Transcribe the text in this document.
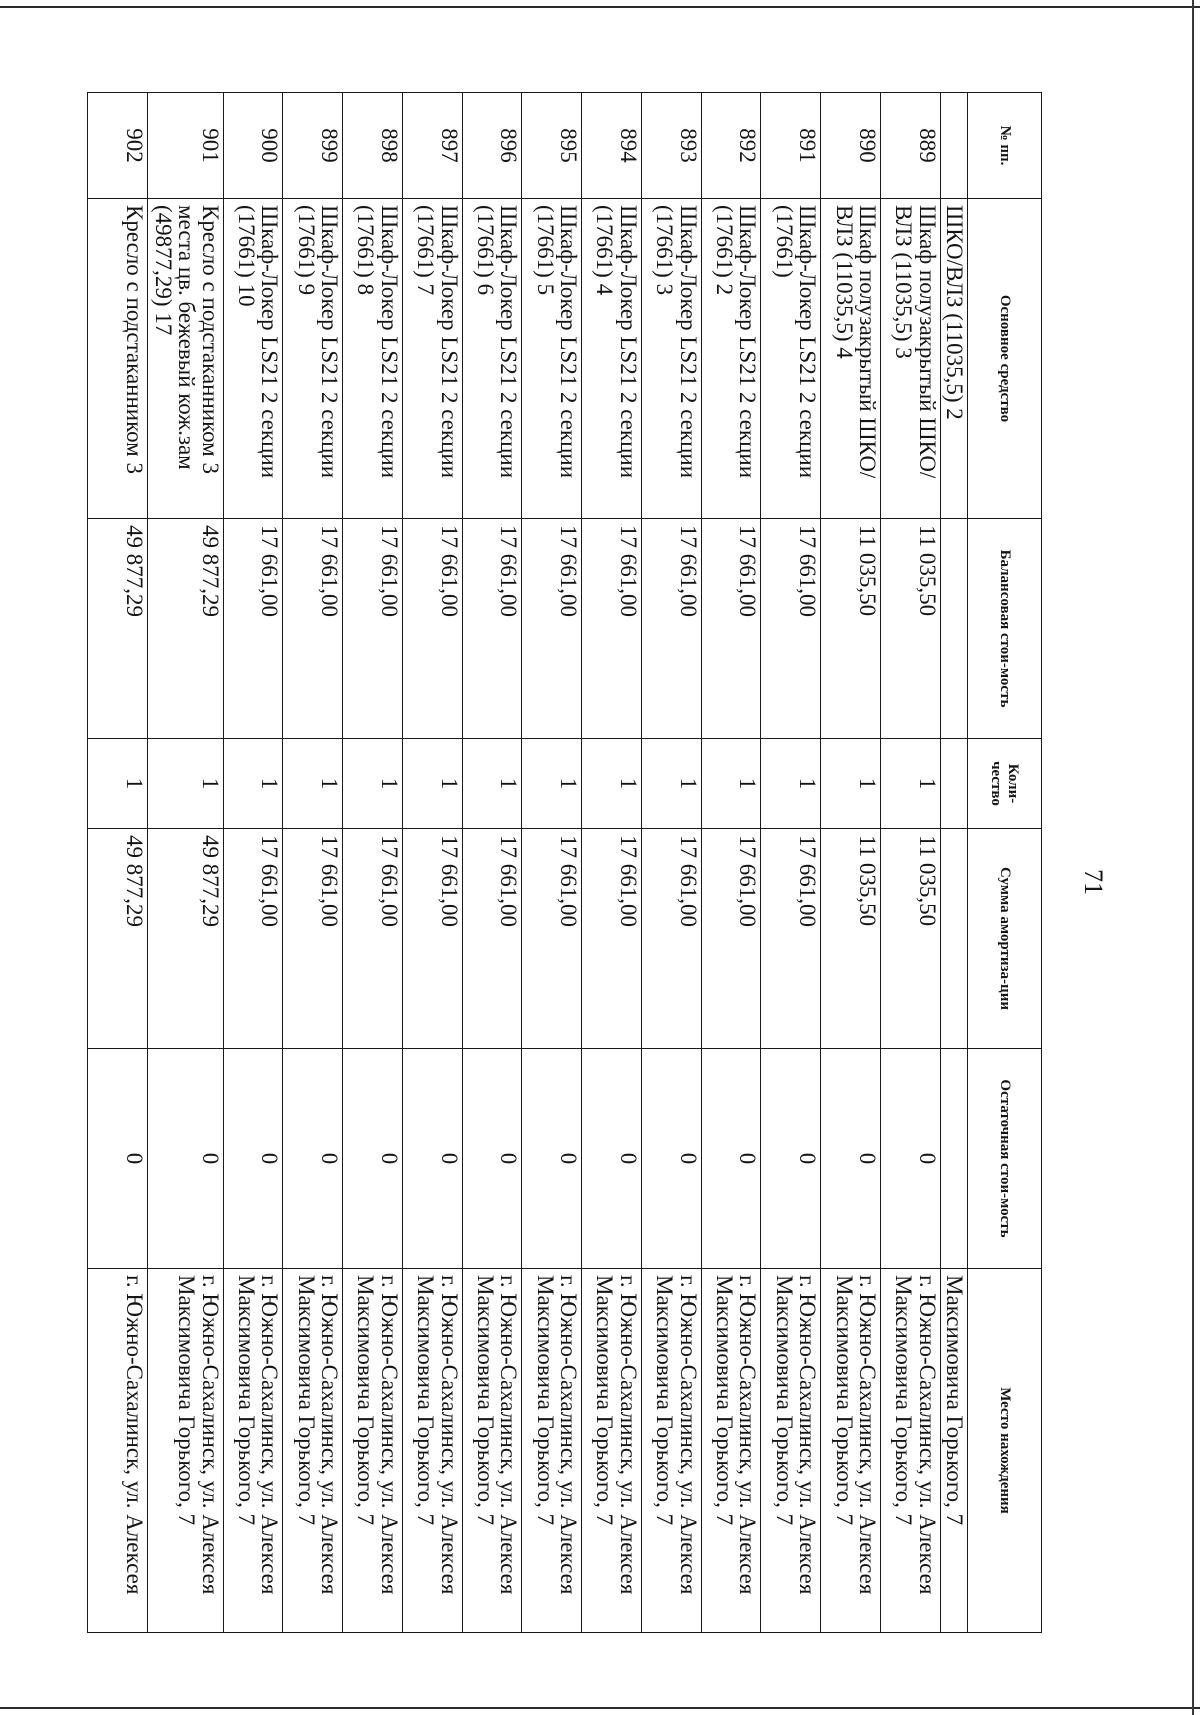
71
№ пп.	Основное средство	Балансовая стои-мость	Коли-чество	Сумма амортиза-ции	Остаточная стои-мость	Место нахождения
	ШКО/ВЛЗ (11035,5) 2					Максимовича Горького, 7
889	Шкаф полузакрытый ШКО/ВЛЗ (11035,5) 3	11 035,50	1	11 035,50	0	г. Южно-Сахалинск, ул. Алексея Максимовича Горького, 7
890	Шкаф полузакрытый ШКО/ВЛЗ (11035,5) 4	11 035,50	1	11 035,50	0	г. Южно-Сахалинск, ул. Алексея Максимовича Горького, 7
891	Шкаф-Локер LS21 2 секции (17661)	17 661,00	1	17 661,00	0	г. Южно-Сахалинск, ул. Алексея Максимовича Горького, 7
892	Шкаф-Локер LS21 2 секции (17661) 2	17 661,00	1	17 661,00	0	г. Южно-Сахалинск, ул. Алексея Максимовича Горького, 7
893	Шкаф-Локер LS21 2 секции (17661) 3	17 661,00	1	17 661,00	0	г. Южно-Сахалинск, ул. Алексея Максимовича Горького, 7
894	Шкаф-Локер LS21 2 секции (17661) 4	17 661,00	1	17 661,00	0	г. Южно-Сахалинск, ул. Алексея Максимовича Горького, 7
895	Шкаф-Локер LS21 2 секции (17661) 5	17 661,00	1	17 661,00	0	г. Южно-Сахалинск, ул. Алексея Максимовича Горького, 7
896	Шкаф-Локер LS21 2 секции (17661) 6	17 661,00	1	17 661,00	0	г. Южно-Сахалинск, ул. Алексея Максимовича Горького, 7
897	Шкаф-Локер LS21 2 секции (17661) 7	17 661,00	1	17 661,00	0	г. Южно-Сахалинск, ул. Алексея Максимовича Горького, 7
898	Шкаф-Локер LS21 2 секции (17661) 8	17 661,00	1	17 661,00	0	г. Южно-Сахалинск, ул. Алексея Максимовича Горького, 7
899	Шкаф-Локер LS21 2 секции (17661) 9	17 661,00	1	17 661,00	0	г. Южно-Сахалинск, ул. Алексея Максимовича Горького, 7
900	Шкаф-Локер LS21 2 секции (17661) 10	17 661,00	1	17 661,00	0	г. Южно-Сахалинск, ул. Алексея Максимовича Горького, 7
901	Кресло с подстаканником 3 места цв. бежевый кож.зам (49877,29) 17	49 877,29	1	49 877,29	0	г. Южно-Сахалинск, ул. Алексея Максимовича Горького, 7
902	Кресло с подстаканником 3	49 877,29	1	49 877,29	0	г. Южно-Сахалинск, ул. Алексея
